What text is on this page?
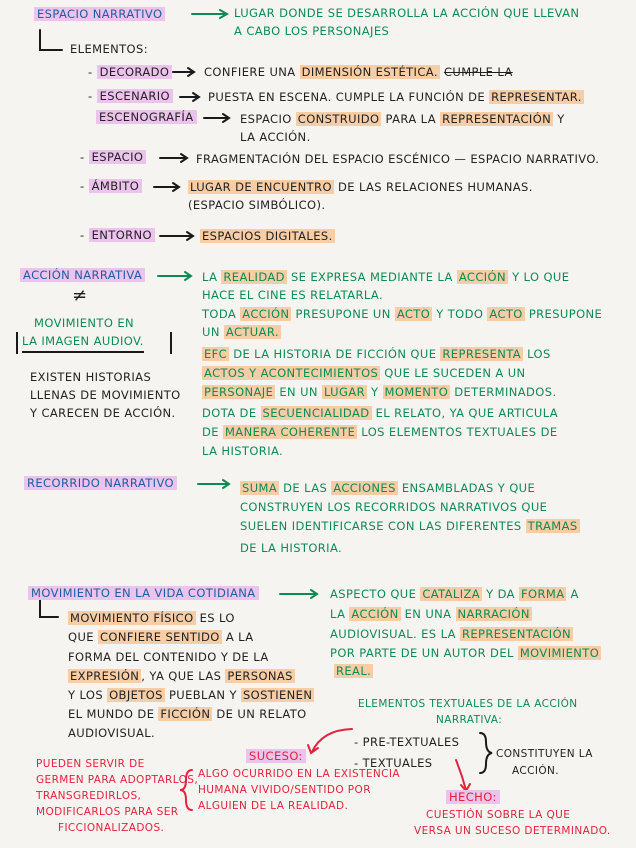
ESPACIO NARRATIVO	LUGAR DONDE SE DESARROLLA LA ACCIÓN QUE LLEVAN
A CABO LOS PERSONAJES
ELEMENTOS:
- DECORADO	CONFIERE UNA DIMENSIÓN ESTÉTICA. CUMPLE LA
- ESCENARIO	PUESTA EN ESCENA. CUMPLE LA FUNCIÓN DE REPRESENTAR.
ESCENOGRAFÍA	ESPACIO CONSTRUIDO PARA LA REPRESENTACIÓN Y
LA ACCIÓN.
- ESPACIO	FRAGMENTACIÓN DEL ESPACIO ESCÉNICO — ESPACIO NARRATIVO.
- ÁMBITO	LUGAR DE ENCUENTRO DE LAS RELACIONES HUMANAS.
(ESPACIO SIMBÓLICO).
- ENTORNO	ESPACIOS DIGITALES.
ACCIÓN NARRATIVA
≠
MOVIMIENTO EN
LA IMAGEN AUDIOV.
EXISTEN HISTORIAS
LLENAS DE MOVIMIENTO
Y CARECEN DE ACCIÓN.
LA REALIDAD SE EXPRESA MEDIANTE LA ACCIÓN Y LO QUE
HACE EL CINE ES RELATARLA.
TODA ACCIÓN PRESUPONE UN ACTO Y TODO ACTO PRESUPONE
UN ACTUAR.
EFC DE LA HISTORIA DE FICCIÓN QUE REPRESENTA LOS
ACTOS Y ACONTECIMIENTOS QUE LE SUCEDEN A UN
PERSONAJE EN UN LUGAR Y MOMENTO DETERMINADOS.
DOTA DE SECUENCIALIDAD EL RELATO, YA QUE ARTICULA
DE MANERA COHERENTE LOS ELEMENTOS TEXTUALES DE
LA HISTORIA.
RECORRIDO NARRATIVO	SUMA DE LAS ACCIONES ENSAMBLADAS Y QUE
CONSTRUYEN LOS RECORRIDOS NARRATIVOS QUE
SUELEN IDENTIFICARSE CON LAS DIFERENTES TRAMAS
DE LA HISTORIA.
MOVIMIENTO EN LA VIDA COTIDIANA	ASPECTO QUE CATALIZA Y DA FORMA A
LA ACCIÓN EN UNA NARRACIÓN
AUDIOVISUAL. ES LA REPRESENTACIÓN
POR PARTE DE UN AUTOR DEL MOVIMIENTO
REAL.
MOVIMIENTO FÍSICO ES LO
QUE CONFIERE SENTIDO A LA
FORMA DEL CONTENIDO Y DE LA
EXPRESIÓN , YA QUE LAS PERSONAS
Y LOS OBJETOS PUEBLAN Y SOSTIENEN
EL MUNDO DE FICCIÓN DE UN RELATO
AUDIOVISUAL.
ELEMENTOS TEXTUALES DE LA ACCIÓN
NARRATIVA:
- PRE-TEXTUALES
- TEXTUALES
CONSTITUYEN LA
ACCIÓN.
SUCESO:
ALGO OCURRIDO EN LA EXISTENCIA
HUMANA VIVIDO/SENTIDO POR
ALGUIEN DE LA REALIDAD.
PUEDEN SERVIR DE
GERMEN PARA ADOPTARLOS,
TRANSGREDIRLOS,
MODIFICARLOS PARA SER
FICCIONALIZADOS.
HECHO:
CUESTIÓN SOBRE LA QUE
VERSA UN SUCESO DETERMINADO.
